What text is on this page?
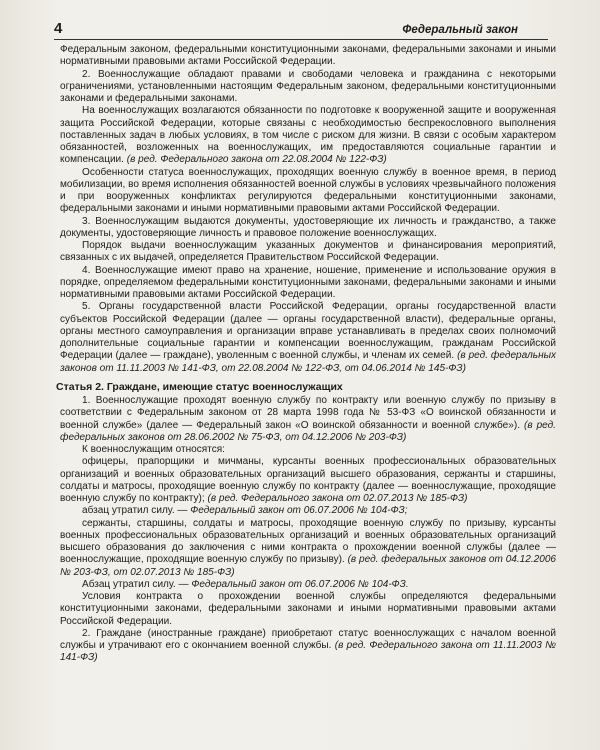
4	Федеральный закон

Федеральным законом, федеральными конституционными законами, федеральными законами и иными нормативными правовыми актами Российской Федерации.

2. Военнослужащие обладают правами и свободами человека и гражданина с некоторыми ограничениями, установленными настоящим Федеральным законом, федеральными конституционными законами и федеральными законами.

На военнослужащих возлагаются обязанности по подготовке к вооруженной защите и вооруженная защита Российской Федерации, которые связаны с необходимостью беспрекословного выполнения поставленных задач в любых условиях, в том числе с риском для жизни. В связи с особым характером обязанностей, возложенных на военнослужащих, им предоставляются социальные гарантии и компенсации. (в ред. Федерального закона от 22.08.2004 № 122-ФЗ)

Особенности статуса военнослужащих, проходящих военную службу в военное время, в период мобилизации, во время исполнения обязанностей военной службы в условиях чрезвычайного положения и при вооруженных конфликтах регулируются федеральными конституционными законами, федеральными законами и иными нормативными правовыми актами Российской Федерации.

3. Военнослужащим выдаются документы, удостоверяющие их личность и гражданство, а также документы, удостоверяющие личность и правовое положение военнослужащих.

Порядок выдачи военнослужащим указанных документов и финансирования мероприятий, связанных с их выдачей, определяется Правительством Российской Федерации.

4. Военнослужащие имеют право на хранение, ношение, применение и использование оружия в порядке, определяемом федеральными конституционными законами, федеральными законами и иными нормативными правовыми актами Российской Федерации.

5. Органы государственной власти Российской Федерации, органы государственной власти субъектов Российской Федерации (далее — органы государственной власти), федеральные органы, органы местного самоуправления и организации вправе устанавливать в пределах своих полномочий дополнительные социальные гарантии и компенсации военнослужащим, гражданам Российской Федерации (далее — граждане), уволенным с военной службы, и членам их семей. (в ред. федеральных законов от 11.11.2003 № 141-ФЗ, от 22.08.2004 № 122-ФЗ, от 04.06.2014 № 145-ФЗ)

Статья 2. Граждане, имеющие статус военнослужащих

1. Военнослужащие проходят военную службу по контракту или военную службу по призыву в соответствии с Федеральным законом от 28 марта 1998 года № 53-ФЗ «О воинской обязанности и военной службе» (далее — Федеральный закон «О воинской обязанности и военной службе»). (в ред. федеральных законов от 28.06.2002 № 75-ФЗ, от 04.12.2006 № 203-ФЗ)

К военнослужащим относятся:

офицеры, прапорщики и мичманы, курсанты военных профессиональных образовательных организаций и военных образовательных организаций высшего образования, сержанты и старшины, солдаты и матросы, проходящие военную службу по контракту (далее — военнослужащие, проходящие военную службу по контракту); (в ред. Федерального закона от 02.07.2013 № 185-ФЗ)

абзац утратил силу. — Федеральный закон от 06.07.2006 № 104-ФЗ;

сержанты, старшины, солдаты и матросы, проходящие военную службу по призыву, курсанты военных профессиональных образовательных организаций и военных образовательных организаций высшего образования до заключения с ними контракта о прохождении военной службы (далее — военнослужащие, проходящие военную службу по призыву). (в ред. федеральных законов от 04.12.2006 № 203-ФЗ, от 02.07.2013 № 185-ФЗ)

Абзац утратил силу. — Федеральный закон от 06.07.2006 № 104-ФЗ.

Условия контракта о прохождении военной службы определяются федеральными конституционными законами, федеральными законами и иными нормативными правовыми актами Российской Федерации.

2. Граждане (иностранные граждане) приобретают статус военнослужащих с началом военной службы и утрачивают его с окончанием военной службы. (в ред. Федерального закона от 11.11.2003 № 141-ФЗ)
